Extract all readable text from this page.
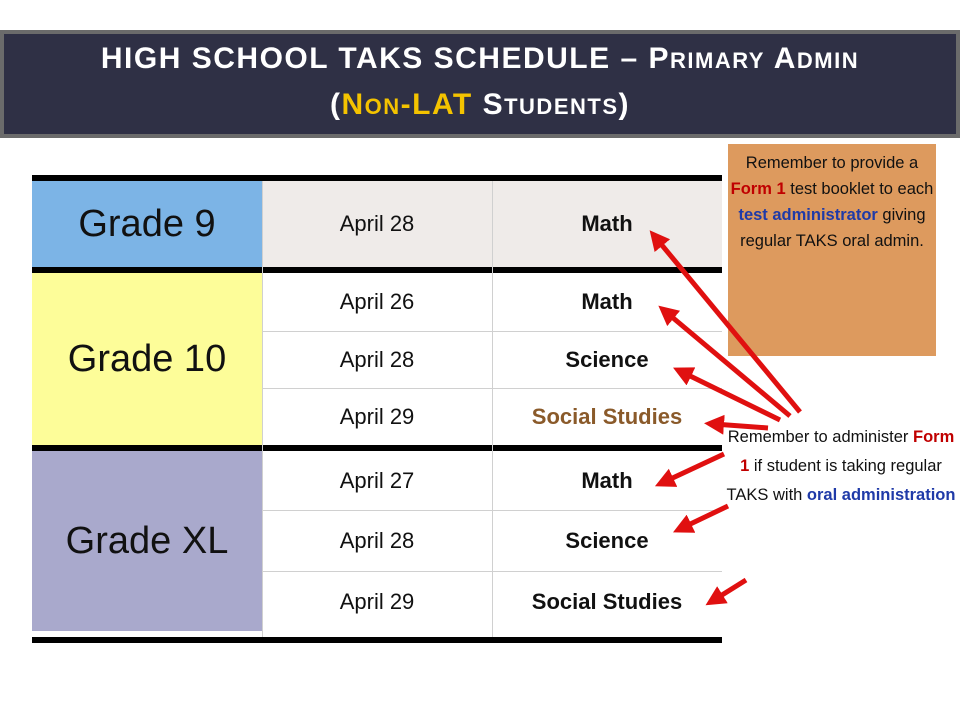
HIGH SCHOOL TAKS SCHEDULE – PRIMARY ADMIN
(NON-LAT STUDENTS)
Grade 9	April 28	Math
Grade 10
April 26	Math
April 28	Science
April 29	Social Studies
Grade XL
April 27	Math
April 28	Science
April 29	Social Studies
Remember to provide a Form 1 test booklet to each test administrator giving regular TAKS oral admin.
Remember to administer Form 1 if student is taking regular TAKS with oral administration
